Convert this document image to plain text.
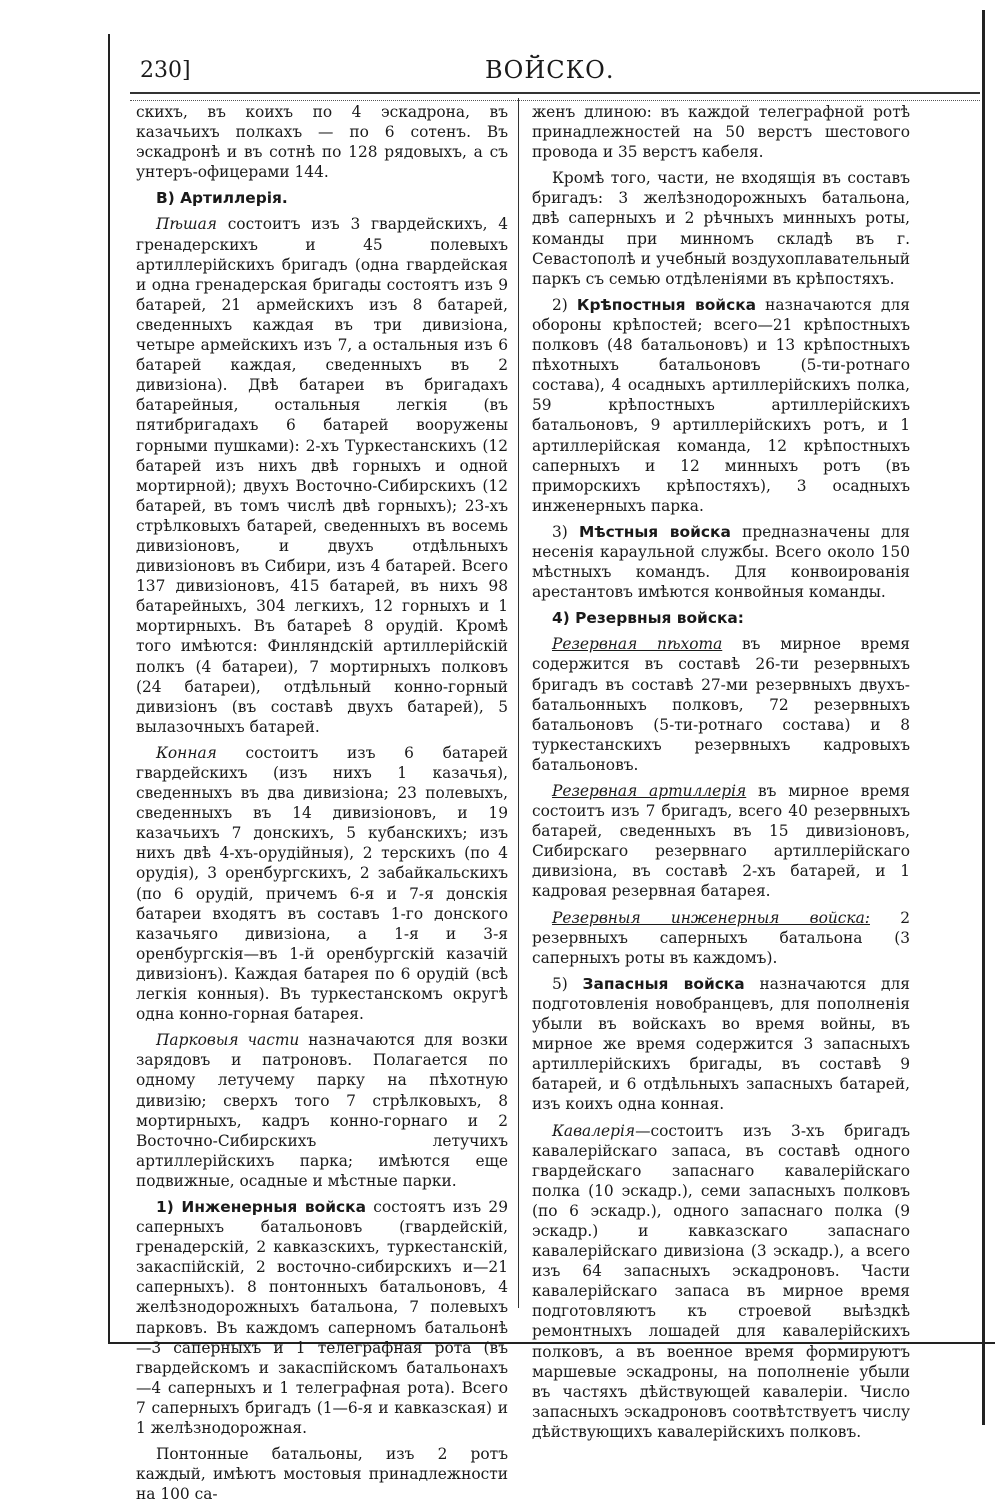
230]	ВОЙСКО.

скихъ, въ коихъ по 4 эскадрона, въ казачьихъ полкахъ — по 6 сотенъ. Въ эскадронѣ и въ сотнѣ по 128 рядовыхъ, а съ унтеръ-офицерами 144.

В) Артиллерія.

Пѣшая состоитъ изъ 3 гвардейскихъ, 4 гренадерскихъ и 45 полевыхъ артиллерійскихъ бригадъ (одна гвардейская и одна гренадерская бригады состоятъ изъ 9 батарей, 21 армейскихъ изъ 8 батарей, сведенныхъ каждая въ три дивизіона, четыре армейскихъ изъ 7, а остальныя изъ 6 батарей каждая, сведенныхъ въ 2 дивизіона). Двѣ батареи въ бригадахъ батарейныя, остальныя легкія (въ пятибригадахъ 6 батарей вооружены горными пушками): 2-хъ Туркестанскихъ (12 батарей изъ нихъ двѣ горныхъ и одной мортирной); двухъ Восточно-Сибирскихъ (12 батарей, въ томъ числѣ двѣ горныхъ); 23-хъ стрѣлковыхъ батарей, сведенныхъ въ восемь дивизіоновъ, и двухъ отдѣльныхъ дивизіоновъ въ Сибири, изъ 4 батарей. Всего 137 дивизіоновъ, 415 батарей, въ нихъ 98 батарейныхъ, 304 легкихъ, 12 горныхъ и 1 мортирныхъ. Въ батареѣ 8 орудій. Кромѣ того имѣются: Финляндскій артиллерійскій полкъ (4 батареи), 7 мортирныхъ полковъ (24 батареи), отдѣльный конно-горный дивизіонъ (въ составѣ двухъ батарей), 5 вылазочныхъ батарей.

Конная состоитъ изъ 6 батарей гвардейскихъ (изъ нихъ 1 казачья), сведенныхъ въ два дивизіона; 23 полевыхъ, сведенныхъ въ 14 дивизіоновъ, и 19 казачьихъ 7 донскихъ, 5 кубанскихъ; изъ нихъ двѣ 4-хъ-орудійныя), 2 терскихъ (по 4 орудія), 3 оренбургскихъ, 2 забайкальскихъ (по 6 орудій, причемъ 6-я и 7-я донскія батареи входятъ въ составъ 1-го донского казачьяго дивизіона, а 1-я и 3-я оренбургскія—въ 1-й оренбургскій казачій дивизіонъ). Каждая батарея по 6 орудій (всѣ легкія конныя). Въ туркестанскомъ округѣ одна конно-горная батарея.

Парковыя части назначаются для возки зарядовъ и патроновъ. Полагается по одному летучему парку на пѣхотную дивизію; сверхъ того 7 стрѣлковыхъ, 8 мортирныхъ, кадръ конно-горнаго и 2 Восточно-Сибирскихъ летучихъ артиллерійскихъ парка; имѣются еще подвижные, осадные и мѣстные парки.

1) Инженерныя войска состоятъ изъ 29 саперныхъ батальоновъ (гвардейскій, гренадерскій, 2 кавказскихъ, туркестанскій, закаспійскій, 2 восточно-сибирскихъ и—21 саперныхъ). 8 понтонныхъ батальоновъ, 4 желѣзнодорожныхъ батальона, 7 полевыхъ парковъ. Въ каждомъ саперномъ батальонѣ—3 саперныхъ и 1 телеграфная рота (въ гвардейскомъ и закаспійскомъ батальонахъ—4 саперныхъ и 1 телеграфная рота). Всего 7 саперныхъ бригадъ (1—6-я и кавказская) и 1 желѣзнодорожная.

Понтонные батальоны, изъ 2 ротъ каждый, имѣютъ мостовыя принадлежности на 100 са-

женъ длиною: въ каждой телеграфной ротѣ принадлежностей на 50 верстъ шестового провода и 35 верстъ кабеля.

Кромѣ того, части, не входящія въ составъ бригадъ: 3 желѣзнодорожныхъ батальона, двѣ саперныхъ и 2 рѣчныхъ минныхъ роты, команды при минномъ складѣ въ г. Севастополѣ и учебный воздухоплавательный паркъ съ семью отдѣленіями въ крѣпостяхъ.

2) Крѣпостныя войска назначаются для обороны крѣпостей; всего—21 крѣпостныхъ полковъ (48 батальоновъ) и 13 крѣпостныхъ пѣхотныхъ батальоновъ (5-ти-ротнаго состава), 4 осадныхъ артиллерійскихъ полка, 59 крѣпостныхъ артиллерійскихъ батальоновъ, 9 артиллерійскихъ ротъ, и 1 артиллерійская команда, 12 крѣпостныхъ саперныхъ и 12 минныхъ ротъ (въ приморскихъ крѣпостяхъ), 3 осадныхъ инженерныхъ парка.

3) Мѣстныя войска предназначены для несенія караульной службы. Всего около 150 мѣстныхъ командъ. Для конвоированія арестантовъ имѣются конвойныя команды.

4) Резервныя войска:

Резервная пѣхота въ мирное время содержится въ составѣ 26-ти резервныхъ бригадъ въ составѣ 27-ми резервныхъ двухъ-батальонныхъ полковъ, 72 резервныхъ батальоновъ (5-ти-ротнаго состава) и 8 туркестанскихъ резервныхъ кадровыхъ батальоновъ.

Резервная артиллерія въ мирное время состоитъ изъ 7 бригадъ, всего 40 резервныхъ батарей, сведенныхъ въ 15 дивизіоновъ, Сибирскаго резервнаго артиллерійскаго дивизіона, въ составѣ 2-хъ батарей, и 1 кадровая резервная батарея.

Резервныя инженерныя войска: 2 резервныхъ саперныхъ батальона (3 саперныхъ роты въ каждомъ).

5) Запасныя войска назначаются для подготовленія новобранцевъ, для пополненія убыли въ войскахъ во время войны, въ мирное же время содержится 3 запасныхъ артиллерійскихъ бригады, въ составѣ 9 батарей, и 6 отдѣльныхъ запасныхъ батарей, изъ коихъ одна конная.

Кавалерія—состоитъ изъ 3-хъ бригадъ кавалерійскаго запаса, въ составѣ одного гвардейскаго запаснаго кавалерійскаго полка (10 эскадр.), семи запасныхъ полковъ (по 6 эскадр.), одного запаснаго полка (9 эскадр.) и кавказскаго запаснаго кавалерійскаго дивизіона (3 эскадр.), а всего изъ 64 запасныхъ эскадроновъ. Части кавалерійскаго запаса въ мирное время подготовляютъ къ строевой выѣздкѣ ремонтныхъ лошадей для кавалерійскихъ полковъ, а въ военное время формируютъ маршевые эскадроны, на пополненіе убыли въ частяхъ дѣйствующей кавалеріи. Число запасныхъ эскадроновъ соотвѣтствуетъ числу дѣйствующихъ кавалерійскихъ полковъ.
